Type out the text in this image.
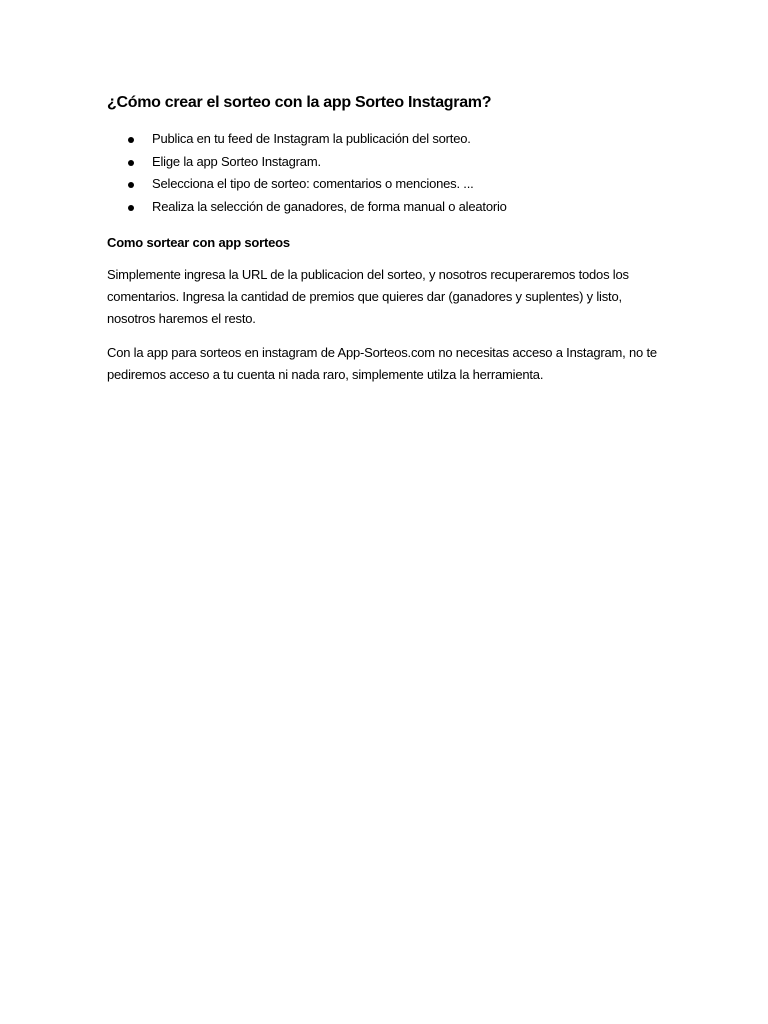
¿Cómo crear el sorteo con la app Sorteo Instagram?
Publica en tu feed de Instagram la publicación del sorteo.
Elige la app Sorteo Instagram.
Selecciona el tipo de sorteo: comentarios o menciones. ...
Realiza la selección de ganadores, de forma manual o aleatorio
Como sortear con app sorteos

Simplemente ingresa la URL de la publicacion del sorteo, y nosotros recuperaremos todos los comentarios. Ingresa la cantidad de premios que quieres dar (ganadores y suplentes) y listo, nosotros haremos el resto.

Con la app para sorteos en instagram de App-Sorteos.com no necesitas acceso a Instagram, no te pediremos acceso a tu cuenta ni nada raro, simplemente utilza la herramienta.
